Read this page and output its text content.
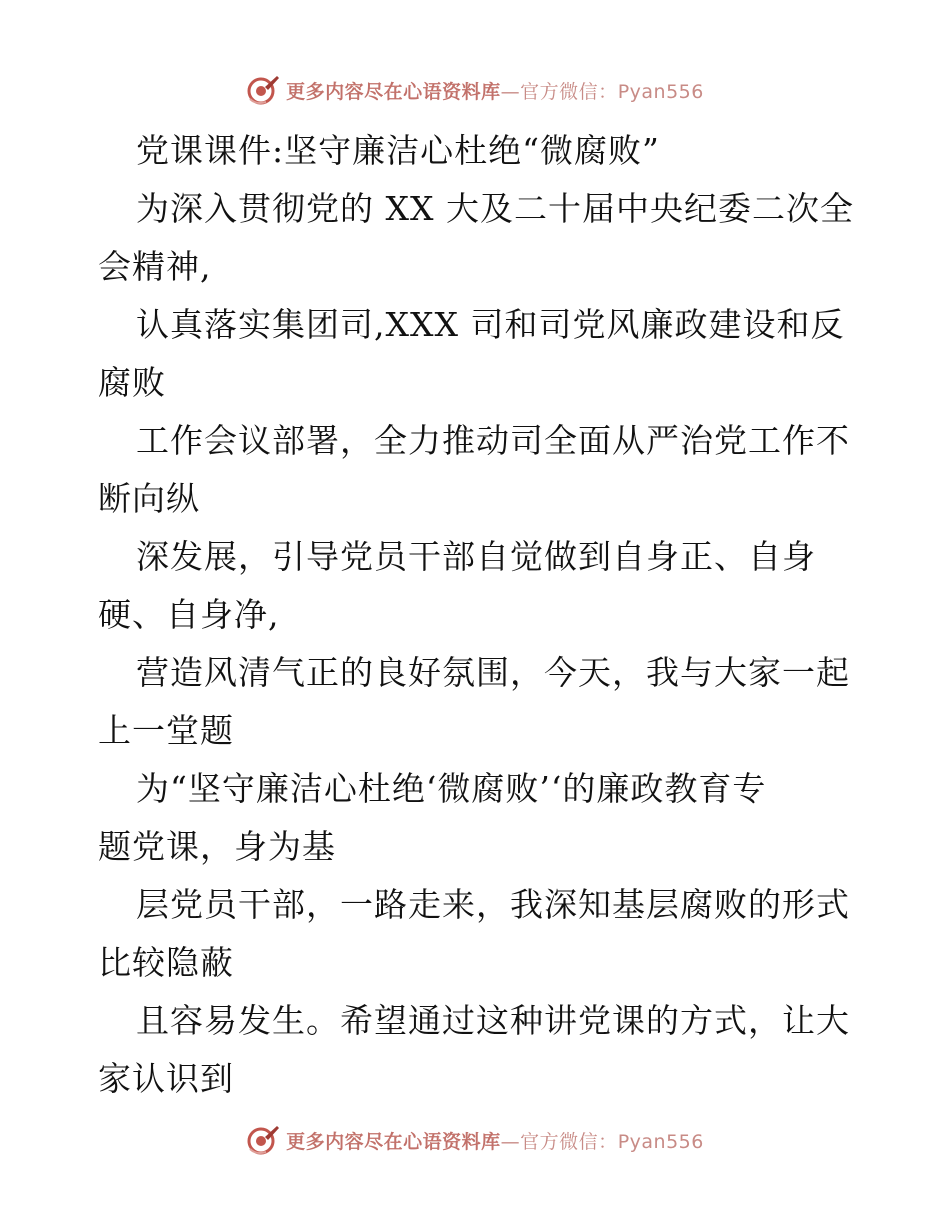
更多内容尽在心语资料库—官方微信：Pyan556
党课课件:坚守廉洁心杜绝“微腐败”
为深入贯彻党的 XX 大及二十届中央纪委二次全
会精神,
认真落实集团司,XXX 司和司党风廉政建设和反
腐败
工作会议部署，全力推动司全面从严治党工作不
断向纵
深发展，引导党员干部自觉做到自身正、自身
硬、自身净,
营造风清气正的良好氛围，今天，我与大家一起
上一堂题
为“坚守廉洁心杜绝‘微腐败’‘的廉政教育专
题党课，身为基
层党员干部，一路走来，我深知基层腐败的形式
比较隐蔽
且容易发生。希望通过这种讲党课的方式，让大
家认识到
更多内容尽在心语资料库—官方微信：Pyan556
